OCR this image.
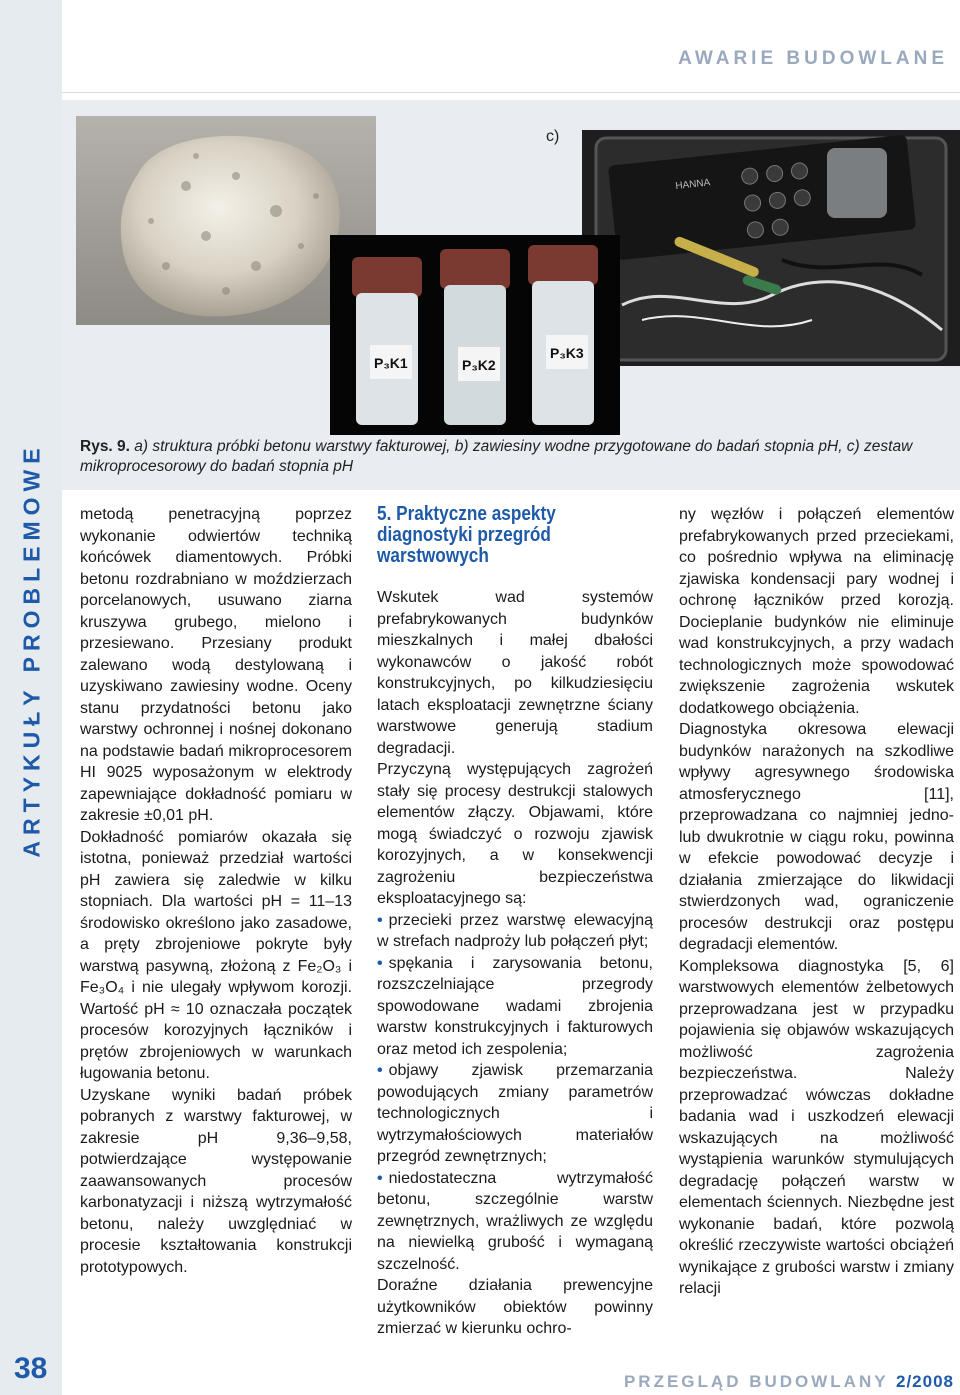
ARTYKUŁY PROBLEMOWE
38
AWARIE BUDOWLANE
c)
HANNA
P₃K1	P₃K2
P₃K3
Rys. 9. a) struktura próbki betonu warstwy fakturowej, b) zawiesiny wodne przygotowane do badań stopnia pH, c) zestaw mikroprocesorowy do badań stopnia pH

metodą penetracyjną poprzez wykonanie odwiertów techniką końcówek diamentowych. Próbki betonu rozdrabniano w moździerzach porcelanowych, usuwano ziarna kruszywa grubego, mielono i przesiewano. Przesiany produkt zalewano wodą destylowaną i uzyskiwano zawiesiny wodne. Oceny stanu przydatności betonu jako warstwy ochronnej i nośnej dokonano na podstawie badań mikroprocesorem HI 9025 wyposażonym w elektrody zapewniające dokładność pomiaru w zakresie ±0,01 pH.

Dokładność pomiarów okazała się istotna, ponieważ przedział wartości pH zawiera się zaledwie w kilku stopniach. Dla wartości pH = 11–13 środowisko określono jako zasadowe, a pręty zbrojeniowe pokryte były warstwą pasywną, złożoną z Fe₂O₃ i Fe₃O₄ i nie ulegały wpływom korozji. Wartość pH ≈ 10 oznaczała początek procesów korozyjnych łączników i prętów zbrojeniowych w warunkach ługowania betonu.

Uzyskane wyniki badań próbek pobranych z warstwy fakturowej, w zakresie pH 9,36–9,58, potwierdzające występowanie zaawansowanych procesów karbonatyzacji i niższą wytrzymałość betonu, należy uwzględniać w procesie kształtowania konstrukcji prototypowych.

5. Praktyczne aspekty diagnostyki przegród warstwowych

Wskutek wad systemów prefabrykowanych budynków mieszkalnych i małej dbałości wykonawców o jakość robót konstrukcyjnych, po kilkudziesięciu latach eksploatacji zewnętrzne ściany warstwowe generują stadium degradacji.

Przyczyną występujących zagrożeń stały się procesy destrukcji stalowych elementów złączy. Objawami, które mogą świadczyć o rozwoju zjawisk korozyjnych, a w konsekwencji zagrożeniu bezpieczeństwa eksploatacyjnego są:

• przecieki przez warstwę elewacyjną w strefach nadproży lub połączeń płyt;

• spękania i zarysowania betonu, rozszczelniające przegrody spowodowane wadami zbrojenia warstw konstrukcyjnych i fakturowych oraz metod ich zespolenia;

• objawy zjawisk przemarzania powodujących zmiany parametrów technologicznych i wytrzymałościowych materiałów przegród zewnętrznych;

• niedostateczna wytrzymałość betonu, szczególnie warstw zewnętrznych, wrażliwych ze względu na niewielką grubość i wymaganą szczelność.

Doraźne działania prewencyjne użytkowników obiektów powinny zmierzać w kierunku ochro-

ny węzłów i połączeń elementów prefabrykowanych przed przeciekami, co pośrednio wpływa na eliminację zjawiska kondensacji pary wodnej i ochronę łączników przed korozją. Docieplanie budynków nie eliminuje wad konstrukcyjnych, a przy wadach technologicznych może spowodować zwiększenie zagrożenia wskutek dodatkowego obciążenia.

Diagnostyka okresowa elewacji budynków narażonych na szkodliwe wpływy agresywnego środowiska atmosferycznego [11], przeprowadzana co najmniej jedno- lub dwukrotnie w ciągu roku, powinna w efekcie powodować decyzje i działania zmierzające do likwidacji stwierdzonych wad, ograniczenie procesów destrukcji oraz postępu degradacji elementów.

Kompleksowa diagnostyka [5, 6] warstwowych elementów żelbetowych przeprowadzana jest w przypadku pojawienia się objawów wskazujących możliwość zagrożenia bezpieczeństwa. Należy przeprowadzać wówczas dokładne badania wad i uszkodzeń elewacji wskazujących na możliwość wystąpienia warunków stymulujących degradację połączeń warstw w elementach ściennych. Niezbędne jest wykonanie badań, które pozwolą określić rzeczywiste wartości obciążeń wynikające z grubości warstw i zmiany relacji

PRZEGLĄD BUDOWLANY 2/2008
